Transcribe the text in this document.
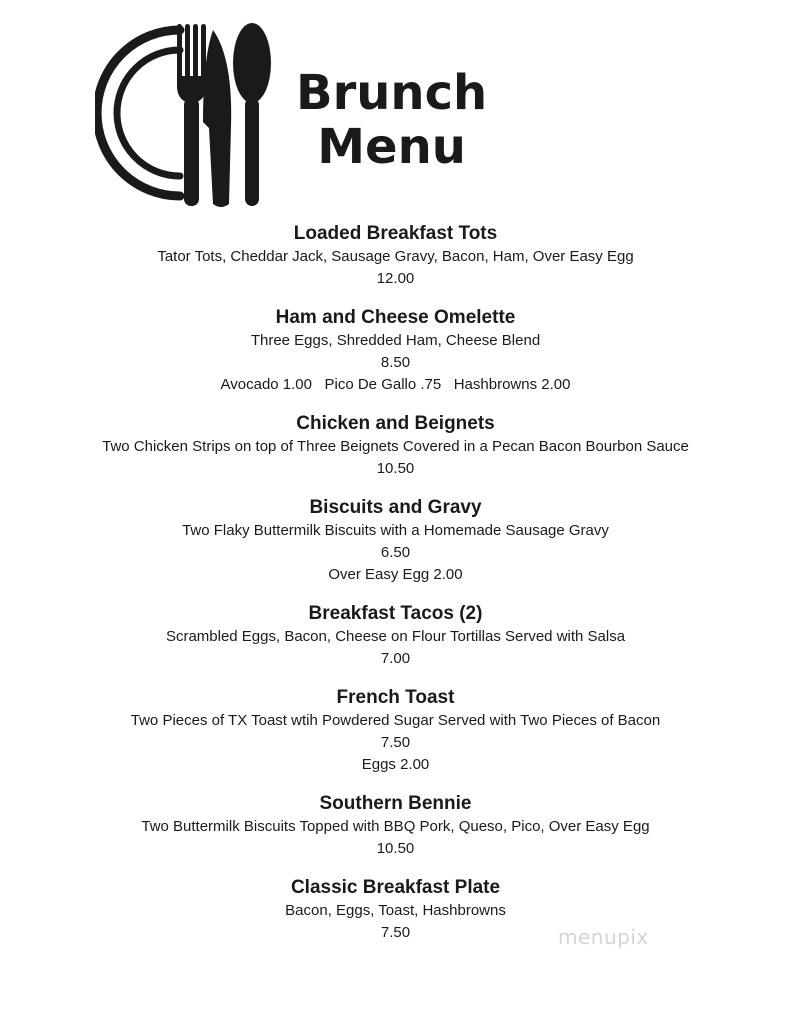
Brunch
Menu
Loaded Breakfast Tots
Tator Tots, Cheddar Jack, Sausage Gravy, Bacon, Ham, Over Easy Egg
12.00
Ham and Cheese Omelette
Three Eggs, Shredded Ham, Cheese Blend
8.50
Avocado 1.00   Pico De Gallo .75   Hashbrowns 2.00
Chicken and Beignets
Two Chicken Strips on top of Three Beignets Covered in a Pecan Bacon Bourbon Sauce
10.50
Biscuits and Gravy
Two Flaky Buttermilk Biscuits with a Homemade Sausage Gravy
6.50
Over Easy Egg 2.00
Breakfast Tacos (2)
Scrambled Eggs, Bacon, Cheese on Flour Tortillas Served with Salsa
7.00
French Toast
Two Pieces of TX Toast wtih Powdered Sugar Served with Two Pieces of Bacon
7.50
Eggs 2.00
Southern Bennie
Two Buttermilk Biscuits Topped with BBQ Pork, Queso, Pico, Over Easy Egg
10.50
Classic Breakfast Plate
Bacon, Eggs, Toast, Hashbrowns
7.50	menupix
